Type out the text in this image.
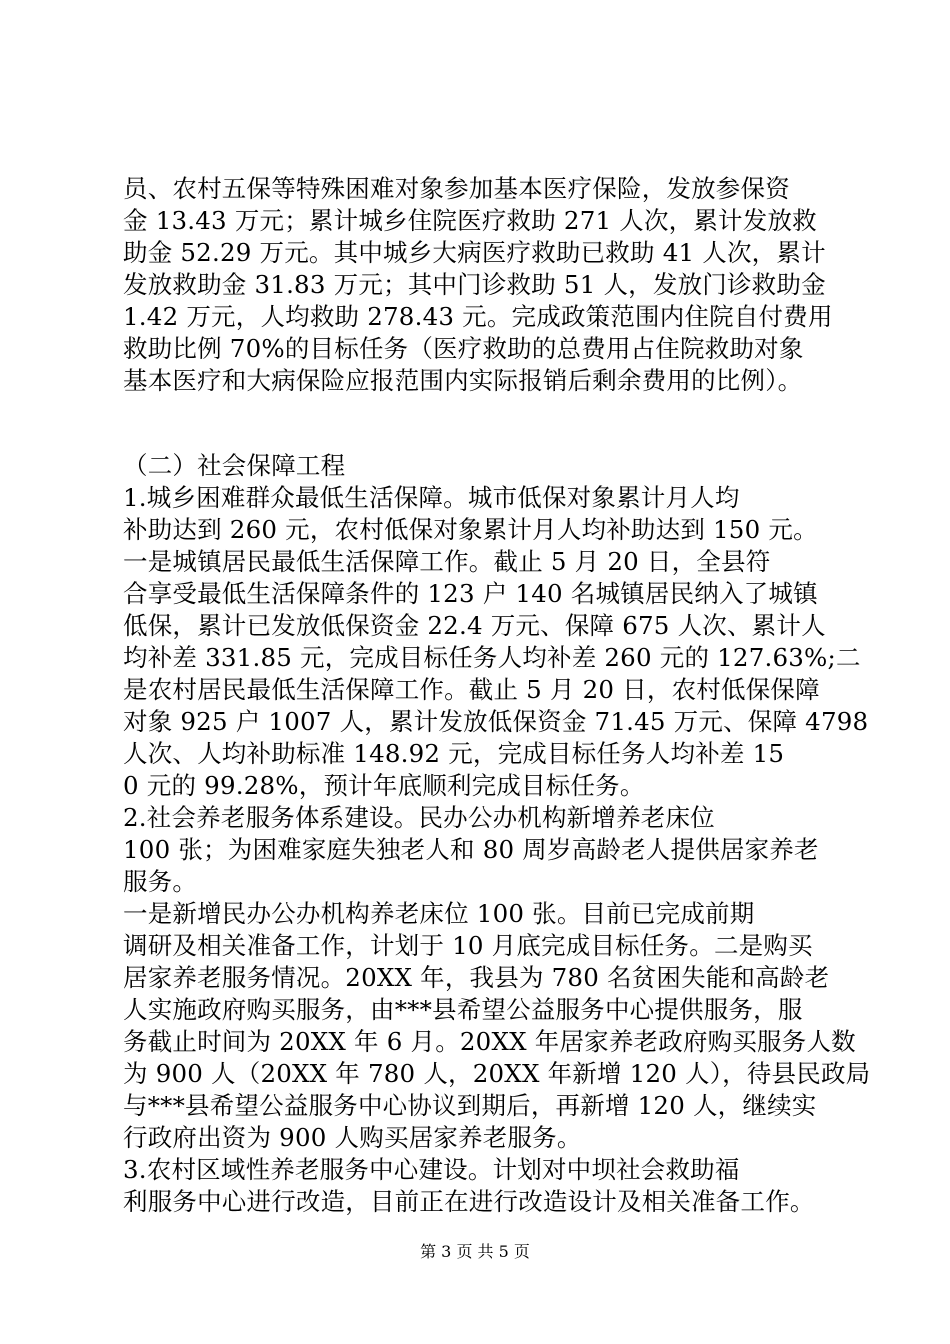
员、农村五保等特殊困难对象参加基本医疗保险，发放参保资
金 13.43 万元；累计城乡住院医疗救助 271 人次，累计发放救
助金 52.29 万元。其中城乡大病医疗救助已救助 41 人次，累计
发放救助金 31.83 万元；其中门诊救助 51 人，发放门诊救助金
1.42 万元，人均救助 278.43 元。完成政策范围内住院自付费用
救助比例 70%的目标任务（医疗救助的总费用占住院救助对象
基本医疗和大病保险应报范围内实际报销后剩余费用的比例）。
（二）社会保障工程
1.城乡困难群众最低生活保障。城市低保对象累计月人均
补助达到 260 元，农村低保对象累计月人均补助达到 150 元。
一是城镇居民最低生活保障工作。截止 5 月 20 日，全县符
合享受最低生活保障条件的 123 户 140 名城镇居民纳入了城镇
低保，累计已发放低保资金 22.4 万元、保障 675 人次、累计人
均补差 331.85 元，完成目标任务人均补差 260 元的 127.63%;二
是农村居民最低生活保障工作。截止 5 月 20 日，农村低保保障
对象 925 户 1007 人，累计发放低保资金 71.45 万元、保障 4798
人次、人均补助标准 148.92 元，完成目标任务人均补差 15
0 元的 99.28%，预计年底顺利完成目标任务。
2.社会养老服务体系建设。民办公办机构新增养老床位
100 张；为困难家庭失独老人和 80 周岁高龄老人提供居家养老
服务。
一是新增民办公办机构养老床位 100 张。目前已完成前期
调研及相关准备工作，计划于 10 月底完成目标任务。二是购买
居家养老服务情况。20XX 年，我县为 780 名贫困失能和高龄老
人实施政府购买服务，由***县希望公益服务中心提供服务，服
务截止时间为 20XX 年 6 月。20XX 年居家养老政府购买服务人数
为 900 人（20XX 年 780 人，20XX 年新增 120 人），待县民政局
与***县希望公益服务中心协议到期后，再新增 120 人，继续实
行政府出资为 900 人购买居家养老服务。
3.农村区域性养老服务中心建设。计划对中坝社会救助福
利服务中心进行改造，目前正在进行改造设计及相关准备工作。
第 3 页 共 5 页
